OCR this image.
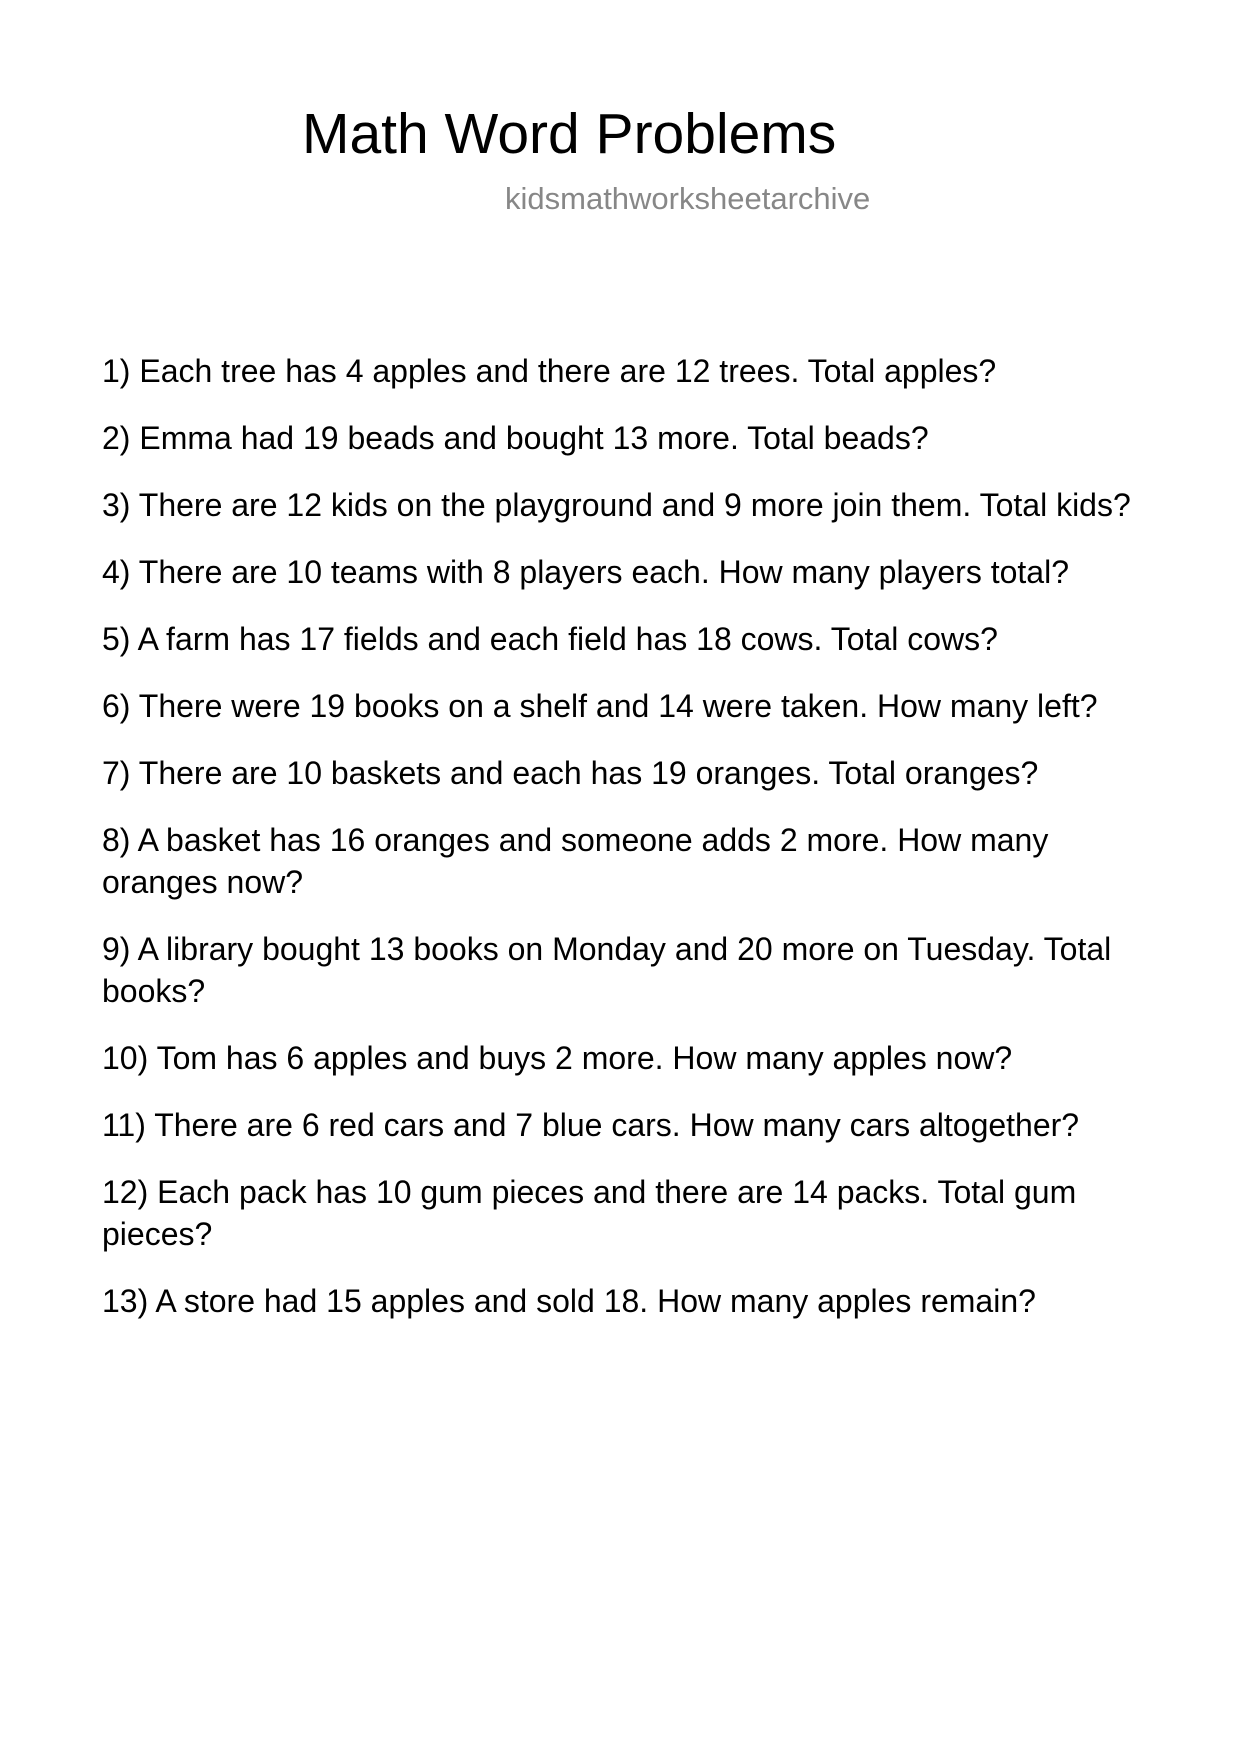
Math Word Problems
kidsmathworksheetarchive
1) Each tree has 4 apples and there are 12 trees. Total apples?
2) Emma had 19 beads and bought 13 more. Total beads?
3) There are 12 kids on the playground and 9 more join them. Total kids?
4) There are 10 teams with 8 players each. How many players total?
5) A farm has 17 fields and each field has 18 cows. Total cows?
6) There were 19 books on a shelf and 14 were taken. How many left?
7) There are 10 baskets and each has 19 oranges. Total oranges?
8) A basket has 16 oranges and someone adds 2 more. How many oranges now?
9) A library bought 13 books on Monday and 20 more on Tuesday. Total books?
10) Tom has 6 apples and buys 2 more. How many apples now?
11) There are 6 red cars and 7 blue cars. How many cars altogether?
12) Each pack has 10 gum pieces and there are 14 packs. Total gum pieces?
13) A store had 15 apples and sold 18. How many apples remain?
